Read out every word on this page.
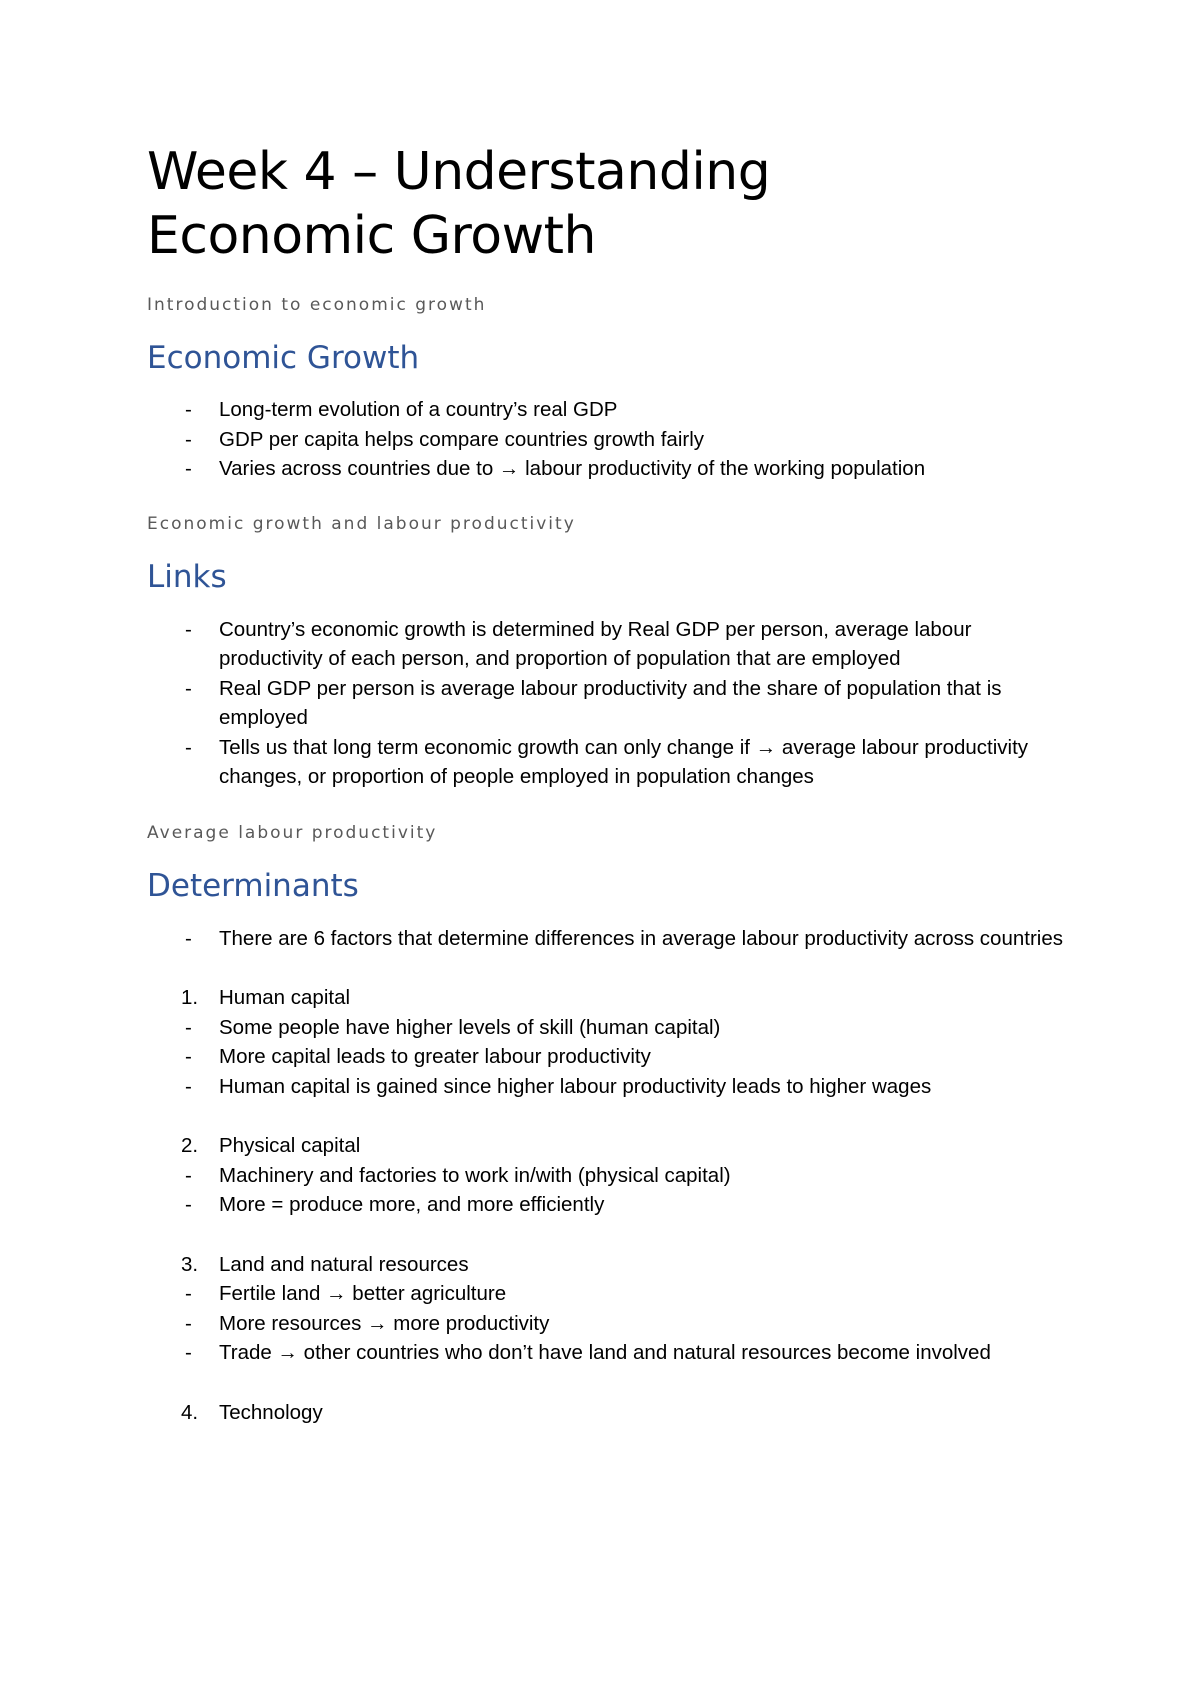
Week 4 – Understanding
Economic Growth

Introduction to economic growth

Economic Growth
- Long-term evolution of a country’s real GDP
- GDP per capita helps compare countries growth fairly
- Varies across countries due to → labour productivity of the working population

Economic growth and labour productivity

Links
- Country’s economic growth is determined by Real GDP per person, average labour productivity of each person, and proportion of population that are employed
- Real GDP per person is average labour productivity and the share of population that is employed
- Tells us that long term economic growth can only change if → average labour productivity changes, or proportion of people employed in population changes

Average labour productivity

Determinants
- There are 6 factors that determine differences in average labour productivity across countries
1. Human capital
- Some people have higher levels of skill (human capital)
- More capital leads to greater labour productivity
- Human capital is gained since higher labour productivity leads to higher wages
2. Physical capital
- Machinery and factories to work in/with (physical capital)
- More = produce more, and more efficiently
3. Land and natural resources
- Fertile land → better agriculture
- More resources → more productivity
- Trade → other countries who don’t have land and natural resources become involved
4. Technology
